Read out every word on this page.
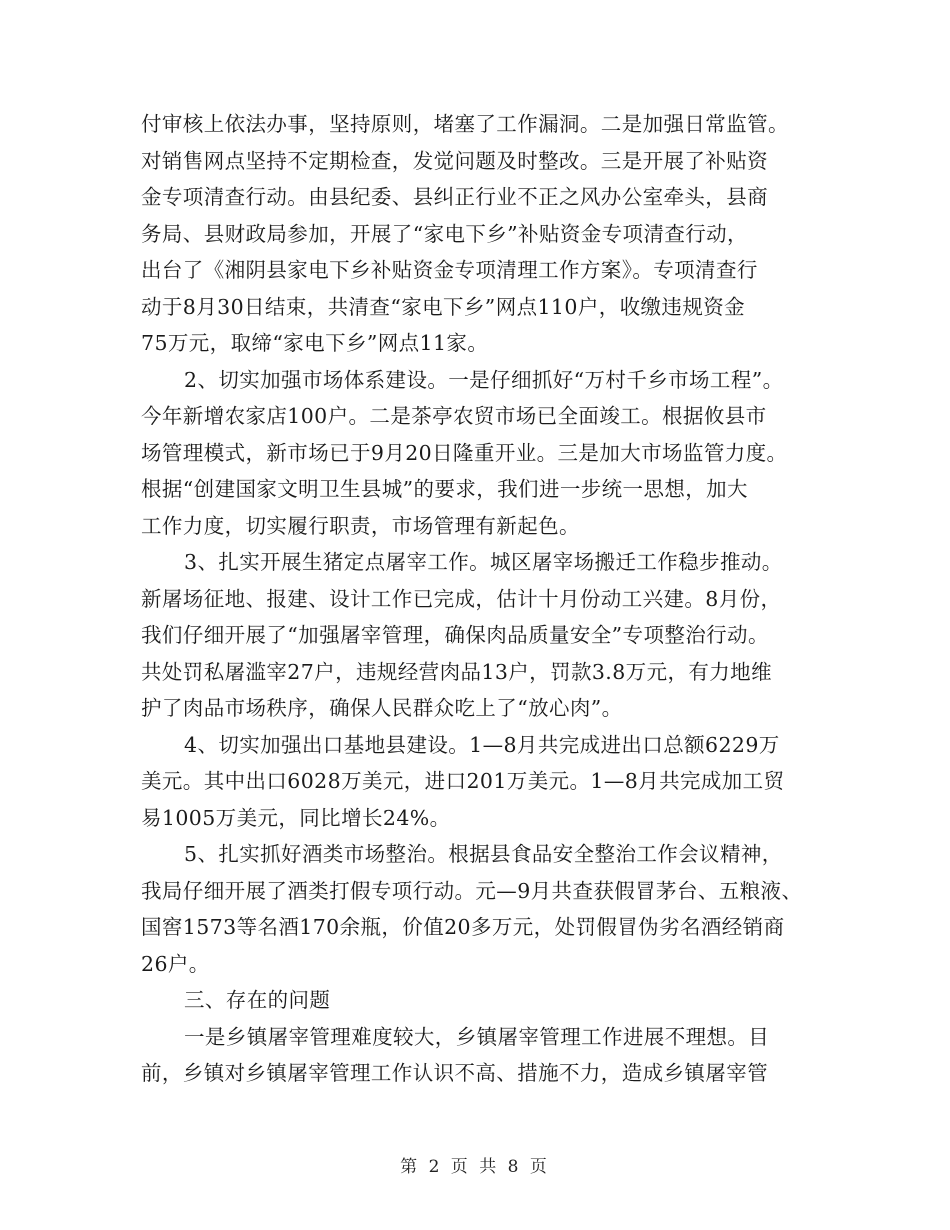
付审核上依法办事，坚持原则，堵塞了工作漏洞。二是加强日常监管。
对销售网点坚持不定期检查，发觉问题及时整改。三是开展了补贴资
金专项清查行动。由县纪委、县纠正行业不正之风办公室牵头，县商
务局、县财政局参加，开展了“家电下乡”补贴资金专项清查行动，
出台了《湘阴县家电下乡补贴资金专项清理工作方案》。专项清查行
动于8月30日结束，共清查“家电下乡”网点110户，收缴违规资金
75万元，取缔“家电下乡”网点11家。
2、切实加强市场体系建设。一是仔细抓好“万村千乡市场工程”。
今年新增农家店100户。二是茶亭农贸市场已全面竣工。根据攸县市
场管理模式，新市场已于9月20日隆重开业。三是加大市场监管力度。
根据“创建国家文明卫生县城”的要求，我们进一步统一思想，加大
工作力度，切实履行职责，市场管理有新起色。
3、扎实开展生猪定点屠宰工作。城区屠宰场搬迁工作稳步推动。
新屠场征地、报建、设计工作已完成，估计十月份动工兴建。8月份，
我们仔细开展了“加强屠宰管理，确保肉品质量安全”专项整治行动。
共处罚私屠滥宰27户，违规经营肉品13户，罚款3.8万元，有力地维
护了肉品市场秩序，确保人民群众吃上了“放心肉”。
4、切实加强出口基地县建设。1—8月共完成进出口总额6229万
美元。其中出口6028万美元，进口201万美元。1—8月共完成加工贸
易1005万美元，同比增长24%。
5、扎实抓好酒类市场整治。根据县食品安全整治工作会议精神，
我局仔细开展了酒类打假专项行动。元—9月共查获假冒茅台、五粮液、
国窖1573等名酒170余瓶，价值20多万元，处罚假冒伪劣名酒经销商
26户。
三、存在的问题
一是乡镇屠宰管理难度较大，乡镇屠宰管理工作进展不理想。目
前，乡镇对乡镇屠宰管理工作认识不高、措施不力，造成乡镇屠宰管
第 2 页 共 8 页
